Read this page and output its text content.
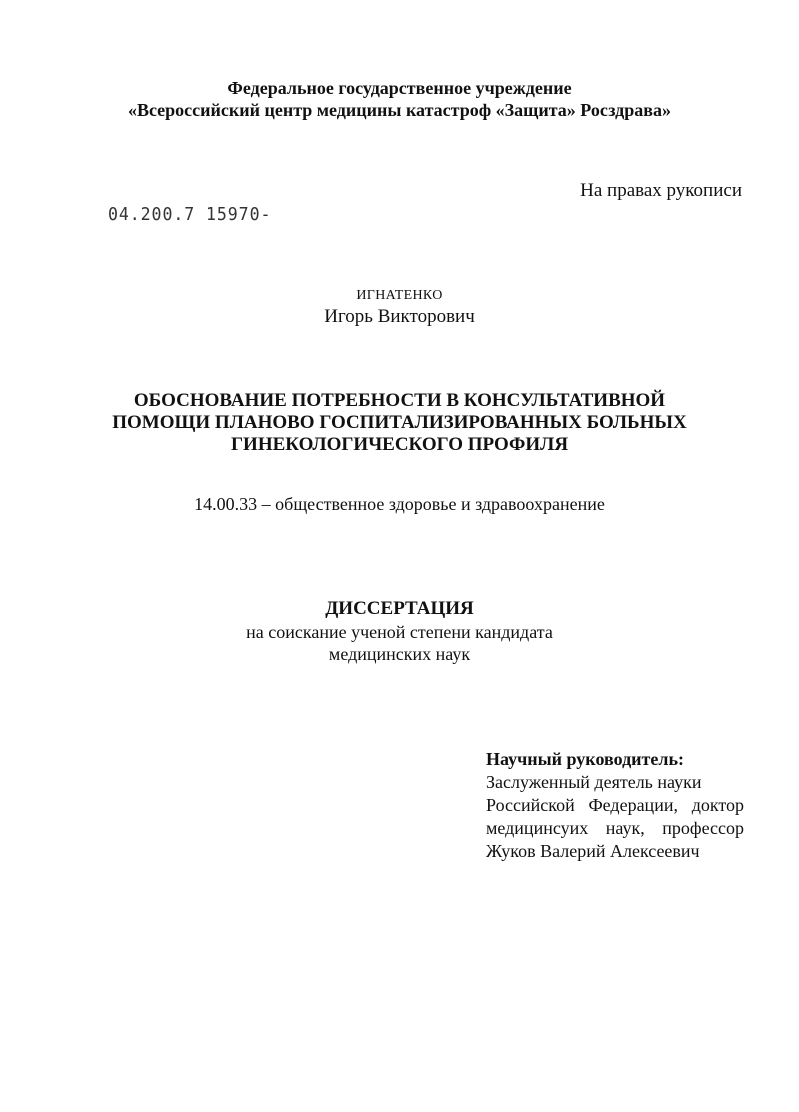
Федеральное государственное учреждение
«Всероссийский центр медицины катастроф «Защита» Росздрава»
На правах рукописи
04.200.7 15970-
ИГНАТЕНКО
Игорь Викторович
ОБОСНОВАНИЕ ПОТРЕБНОСТИ В КОНСУЛЬТАТИВНОЙ
ПОМОЩИ ПЛАНОВО ГОСПИТАЛИЗИРОВАННЫХ БОЛЬНЫХ
ГИНЕКОЛОГИЧЕСКОГО ПРОФИЛЯ
14.00.33 – общественное здоровье и здравоохранение
ДИССЕРТАЦИЯ
на соискание ученой степени кандидата
медицинских наук
Научный руководитель:
Заслуженный деятель науки
Российской Федерации, доктор
медицинсуих наук, профессор
Жуков Валерий Алексеевич
